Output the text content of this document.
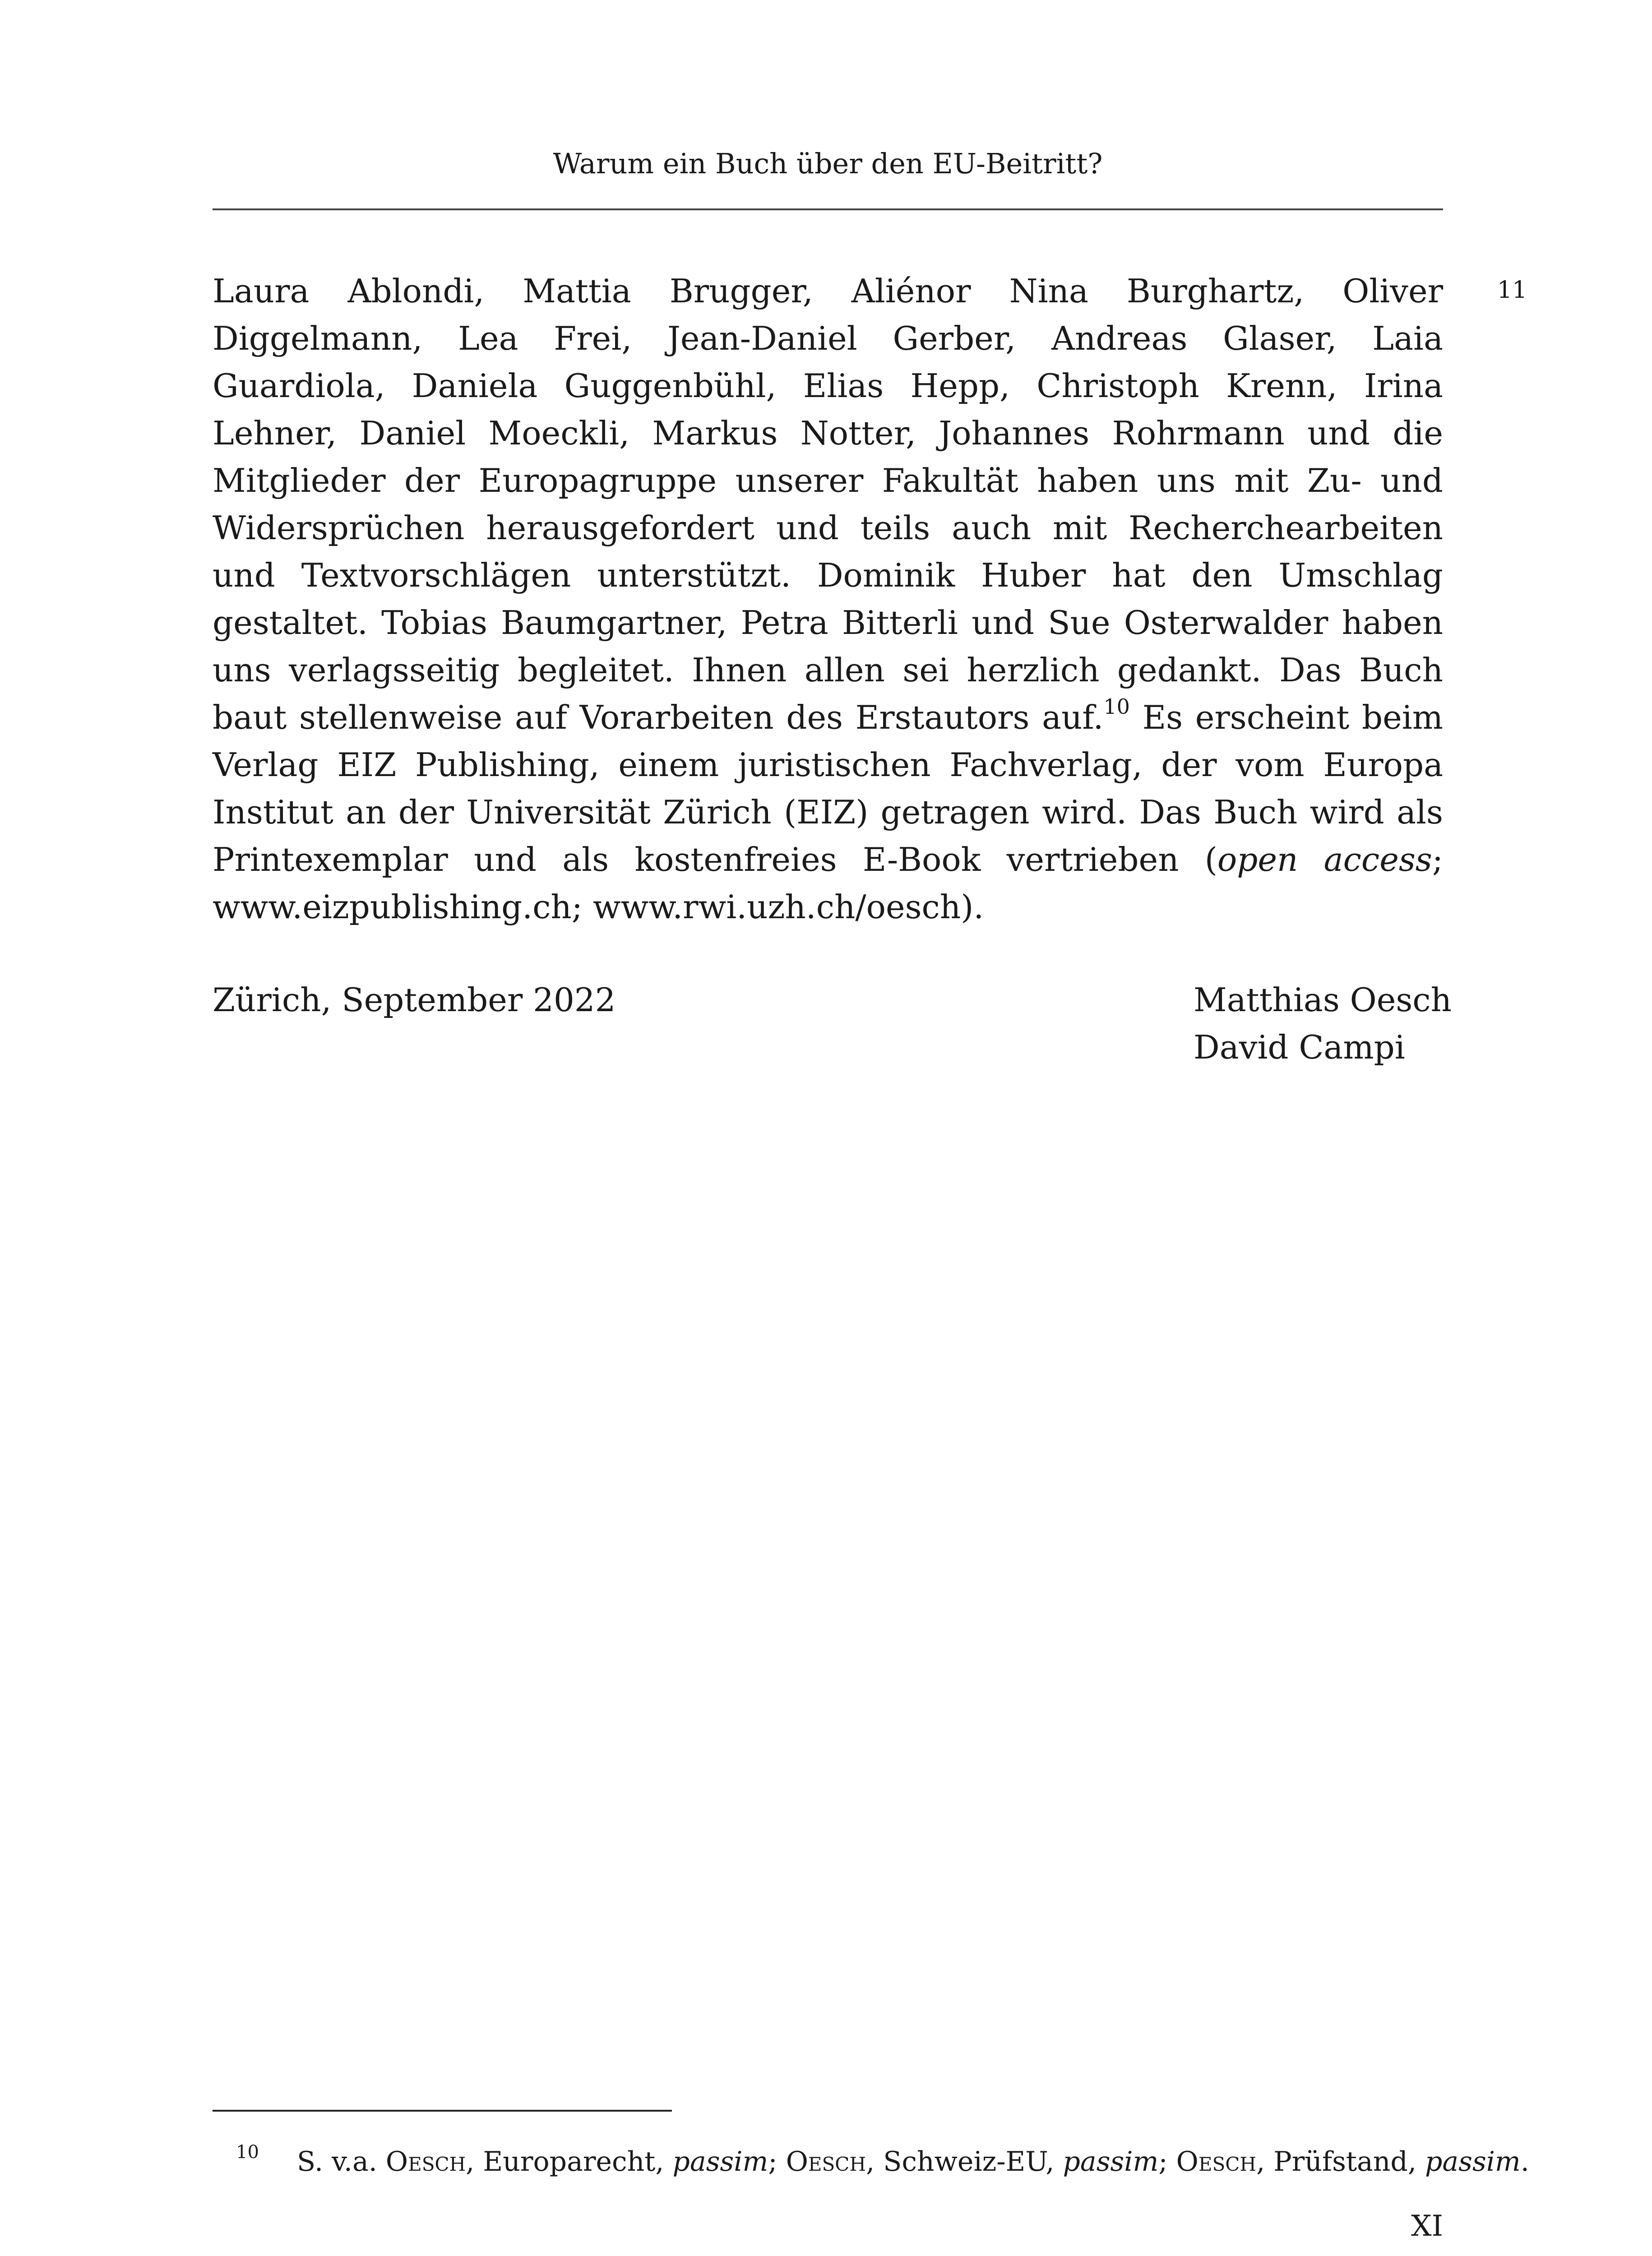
Warum ein Buch über den EU-Beitritt?
11
Laura Ablondi, Mattia Brugger, Aliénor Nina Burghartz, Oliver Diggelmann, Lea Frei, Jean-Daniel Gerber, Andreas Glaser, Laia Guardiola, Daniela Guggenbühl, Elias Hepp, Christoph Krenn, Irina Lehner, Daniel Moeckli, Markus Notter, Johannes Rohrmann und die Mitglieder der Europagruppe unserer Fakultät haben uns mit Zu- und Widersprüchen herausgefordert und teils auch mit Recherchearbeiten und Textvorschlägen unterstützt. Dominik Huber hat den Umschlag gestaltet. Tobias Baumgartner, Petra Bitterli und Sue Osterwalder haben uns verlagsseitig begleitet. Ihnen allen sei herzlich gedankt. Das Buch baut stellenweise auf Vorarbeiten des Erstautors auf.$^{10}$ Es erscheint beim Verlag EIZ Publishing, einem juristischen Fachverlag, der vom Europa Institut an der Universität Zürich (EIZ) getragen wird. Das Buch wird als Printexemplar und als kostenfreies E-Book vertrieben (open access; www.eizpublishing.ch; www.rwi.uzh.ch/oesch).
Zürich, September 2022	Matthias Oesch
David Campi
10 S. v.a. Oesch, Europarecht, passim; Oesch, Schweiz-EU, passim; Oesch, Prüfstand, passim.
XI
